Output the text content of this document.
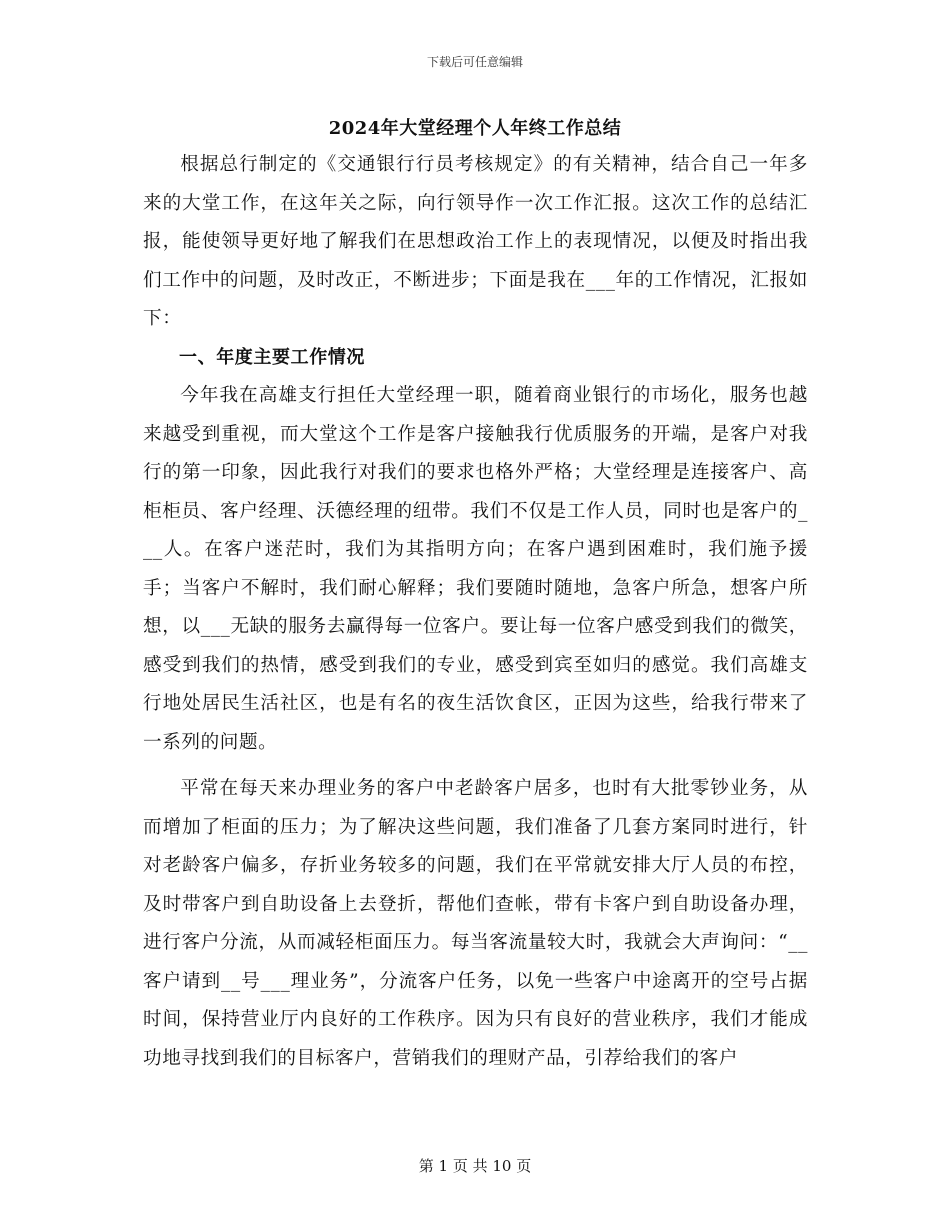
下载后可任意编辑
2024年大堂经理个人年终工作总结

根据总行制定的《交通银行行员考核规定》的有关精神，结合自己一年多来的大堂工作，在这年关之际，向行领导作一次工作汇报。这次工作的总结汇报，能使领导更好地了解我们在思想政治工作上的表现情况，以便及时指出我们工作中的问题，及时改正，不断进步；下面是我在___年的工作情况，汇报如下：

一、年度主要工作情况

今年我在高雄支行担任大堂经理一职，随着商业银行的市场化，服务也越来越受到重视，而大堂这个工作是客户接触我行优质服务的开端，是客户对我行的第一印象，因此我行对我们的要求也格外严格；大堂经理是连接客户、高柜柜员、客户经理、沃德经理的纽带。我们不仅是工作人员，同时也是客户的___人。在客户迷茫时，我们为其指明方向；在客户遇到困难时，我们施予援手；当客户不解时，我们耐心解释；我们要随时随地，急客户所急，想客户所想，以___无缺的服务去赢得每一位客户。要让每一位客户感受到我们的微笑，感受到我们的热情，感受到我们的专业，感受到宾至如归的感觉。我们高雄支行地处居民生活社区，也是有名的夜生活饮食区，正因为这些，给我行带来了一系列的问题。

平常在每天来办理业务的客户中老龄客户居多，也时有大批零钞业务，从而增加了柜面的压力；为了解决这些问题，我们准备了几套方案同时进行，针对老龄客户偏多，存折业务较多的问题，我们在平常就安排大厅人员的布控，及时带客户到自助设备上去登折，帮他们查帐，带有卡客户到自助设备办理，进行客户分流，从而减轻柜面压力。每当客流量较大时，我就会大声询问：“__客户请到__号___理业务”，分流客户任务，以免一些客户中途离开的空号占据时间，保持营业厅内良好的工作秩序。因为只有良好的营业秩序，我们才能成功地寻找到我们的目标客户，营销我们的理财产品，引荐给我们的客户

第 1 页 共 10 页
